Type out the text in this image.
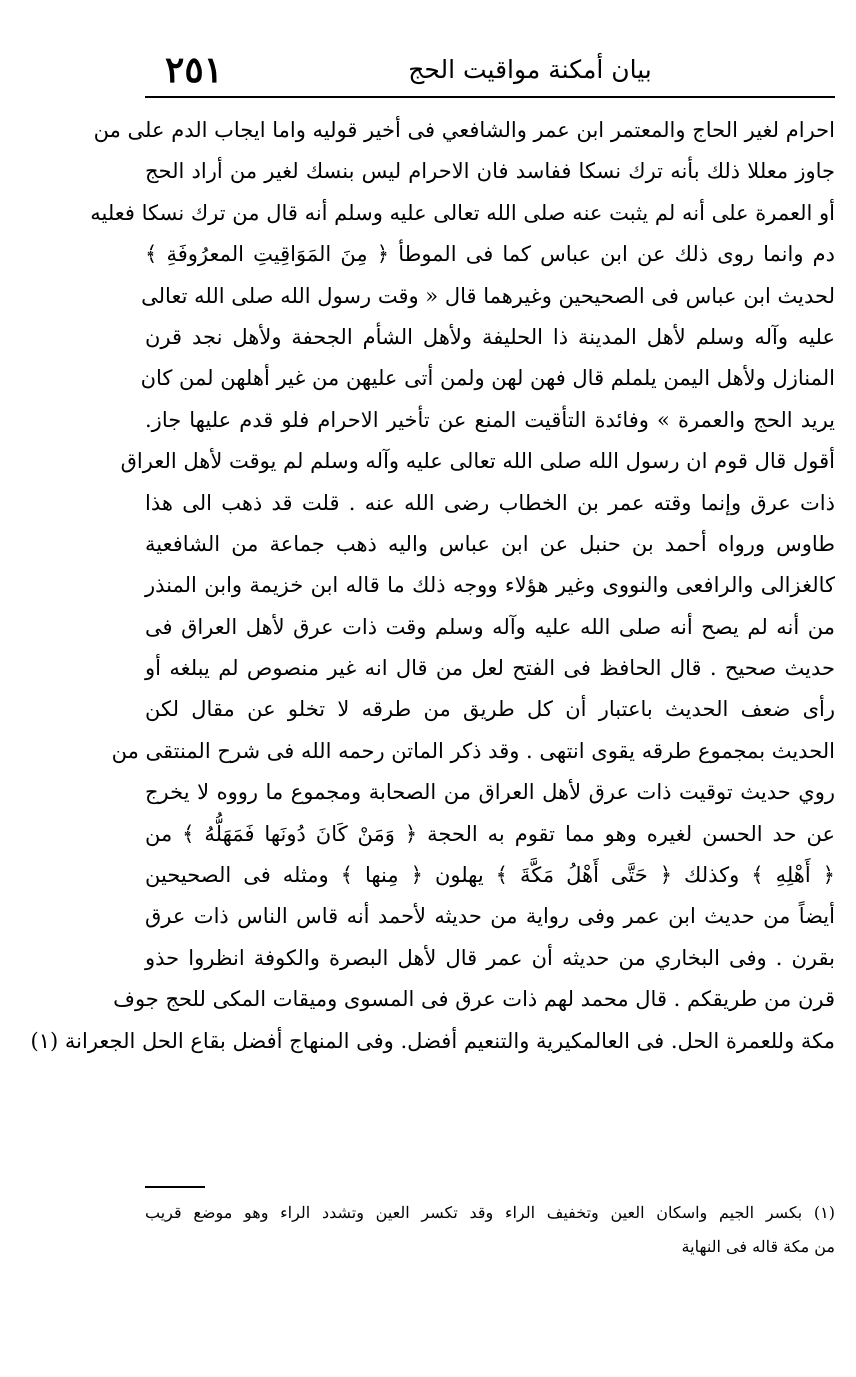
٢٥١	بيان أمكنة مواقيت الحج
احرام لغير الحاج والمعتمر ابن عمر والشافعي فى أخير قوليه واما ايجاب الدم على من
جاوز معللا ذلك بأنه ترك نسكا ففاسد فان الاحرام ليس بنسك لغير من أراد الحج
أو العمرة على أنه لم يثبت عنه صلى الله تعالى عليه وسلم أنه قال من ترك نسكا فعليه
دم وانما روى ذلك عن ابن عباس كما فى الموطأ ﴿ مِنَ المَوَاقِيتِ المعرُوفَةِ ﴾
لحديث ابن عباس فى الصحيحين وغيرهما قال « وقت رسول الله صلى الله تعالى
عليه وآله وسلم لأهل المدينة ذا الحليفة ولأهل الشأم الجحفة ولأهل نجد قرن
المنازل ولأهل اليمن يلملم قال فهن لهن ولمن أتى عليهن من غير أهلهن لمن كان
يريد الحج والعمرة » وفائدة التأقيت المنع عن تأخير الاحرام فلو قدم عليها جاز.
أقول قال قوم ان رسول الله صلى الله تعالى عليه وآله وسلم لم يوقت لأهل العراق
ذات عرق وإنما وقته عمر بن الخطاب رضى الله عنه . قلت قد ذهب الى هذا
طاوس ورواه أحمد بن حنبل عن ابن عباس واليه ذهب جماعة من الشافعية
كالغزالى والرافعى والنووى وغير هؤلاء ووجه ذلك ما قاله ابن خزيمة وابن المنذر
من أنه لم يصح أنه صلى الله عليه وآله وسلم وقت ذات عرق لأهل العراق فى
حديث صحيح . قال الحافظ فى الفتح لعل من قال انه غير منصوص لم يبلغه أو
رأى ضعف الحديث باعتبار أن كل طريق من طرقه لا تخلو عن مقال لكن
الحديث بمجموع طرقه يقوى انتهى . وقد ذكر الماتن رحمه الله فى شرح المنتقى من
روي حديث توقيت ذات عرق لأهل العراق من الصحابة ومجموع ما رووه لا يخرج
عن حد الحسن لغيره وهو مما تقوم به الحجة ﴿ وَمَنْ كَانَ دُونَها فَمَهَلُّهُ ﴾ من
﴿ أَهْلِهِ ﴾ وكذلك ﴿ حَتَّى أَهْلُ مَكَّةَ ﴾ يهلون ﴿ مِنها ﴾ ومثله فى الصحيحين
أيضاً من حديث ابن عمر وفى رواية من حديثه لأحمد أنه قاس الناس ذات عرق
بقرن . وفى البخاري من حديثه أن عمر قال لأهل البصرة والكوفة انظروا حذو
قرن من طريقكم . قال محمد لهم ذات عرق فى المسوى وميقات المكى للحج جوف
مكة وللعمرة الحل. فى العالمكيرية والتنعيم أفضل. وفى المنهاج أفضل بقاع الحل الجعرانة (١)
(١) بكسر الجيم واسكان العين وتخفيف الراء وقد تكسر العين وتشدد الراء وهو موضع قريب
من مكة قاله فى النهاية
